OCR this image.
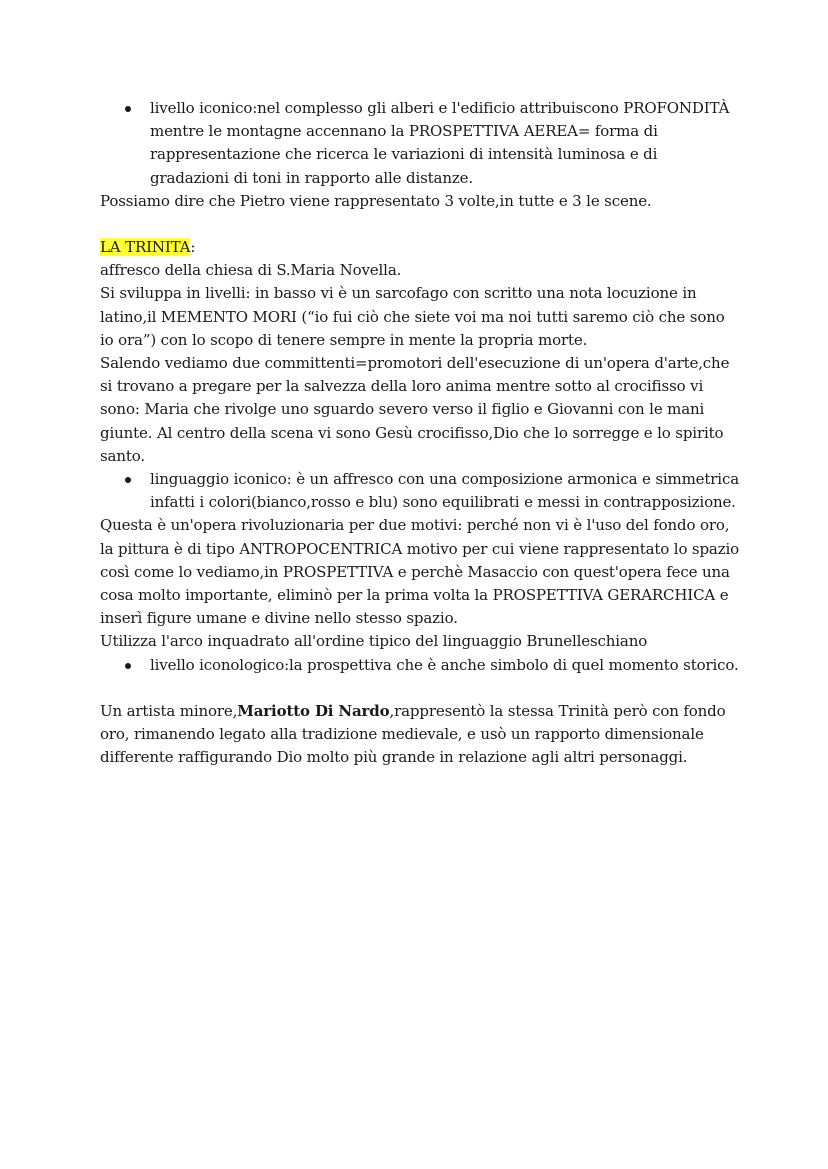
livello iconico:nel complesso gli alberi e l'edificio attribuiscono PROFONDITÀ mentre le montagne accennano la PROSPETTIVA AEREA= forma di rappresentazione che ricerca le variazioni di intensità luminosa e di gradazioni di toni in rapporto alle distanze.

Possiamo dire che Pietro viene rappresentato 3 volte,in tutte e 3 le scene.

LA TRINITA:

affresco della chiesa di S.Maria Novella.

Si sviluppa in livelli: in basso vi è un sarcofago con scritto una nota locuzione in latino,il MEMENTO MORI (“io fui ciò che siete voi ma noi tutti saremo ciò che sono io ora”) con lo scopo di tenere sempre in mente la propria morte.

Salendo vediamo due committenti=promotori dell'esecuzione di un'opera d'arte,che si trovano a pregare per la salvezza della loro anima mentre sotto al crocifisso vi sono: Maria che rivolge uno sguardo severo verso il figlio e Giovanni con le mani giunte. Al centro della scena vi sono Gesù crocifisso,Dio che lo sorregge e lo spirito santo.

linguaggio iconico: è un affresco con una composizione armonica e simmetrica infatti i colori(bianco,rosso e blu) sono equilibrati e messi in contrapposizione.

Questa è un'opera rivoluzionaria per due motivi: perché non vi è l'uso del fondo oro, la pittura è di tipo ANTROPOCENTRICA motivo per cui viene rappresentato lo spazio così come lo vediamo,in PROSPETTIVA e perchè Masaccio con quest'opera fece una cosa molto importante, eliminò per la prima volta la PROSPETTIVA GERARCHICA e inserì figure umane e divine nello stesso spazio.

Utilizza l'arco inquadrato all'ordine tipico del linguaggio Brunelleschiano

livello iconologico:la prospettiva che è anche simbolo di quel momento storico.

Un artista minore,Mariotto Di Nardo,rappresentò la stessa Trinità però con fondo oro, rimanendo legato alla tradizione medievale, e usò un rapporto dimensionale differente raffigurando Dio molto più grande in relazione agli altri personaggi.
